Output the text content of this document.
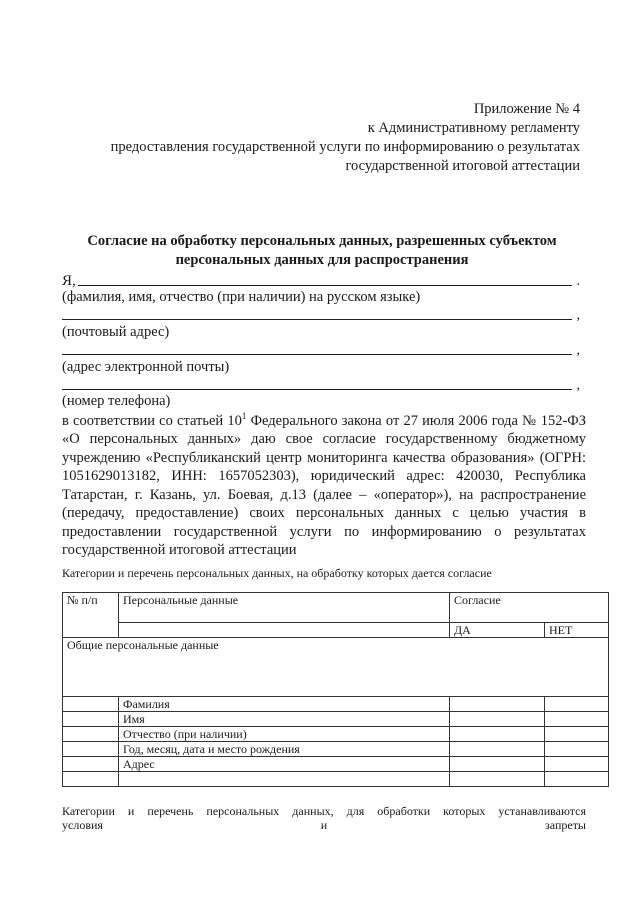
Приложение № 4
к Административному регламенту
предоставления государственной услуги по информированию о результатах
государственной итоговой аттестации
Согласие на обработку персональных данных, разрешенных субъектом
персональных данных для распространения
Я,	.
(фамилия, имя, отчество (при наличии) на русском языке)
,
(почтовый адрес)
,
(адрес электронной почты)
,
(номер телефона)
в соответствии со статьей $10^1$ Федерального закона от 27 июля 2006 года № 152-ФЗ «О персональных данных» даю свое согласие государственному бюджетному учреждению «Республиканский центр мониторинга качества образования» (ОГРН: 1051629013182, ИНН: 1657052303), юридический адрес: 420030, Республика Татарстан, г. Казань, ул. Боевая, д.13 (далее – «оператор»), на распространение (передачу, предоставление) своих персональных данных с целью участия в предоставлении государственной услуги по информированию о результатах государственной итоговой аттестации
Категории и перечень персональных данных, на обработку которых дается согласие
№ п/п	Персональные данные	Согласие	
		ДА	НЕТ
Общие персональные данные			
	Фамилия		
	Имя		
	Отчество (при наличии)		
	Год, месяц, дата и место рождения		
	Адрес		

Категории и перечень персональных данных, для обработки которых устанавливаются
условия	и	запреты
